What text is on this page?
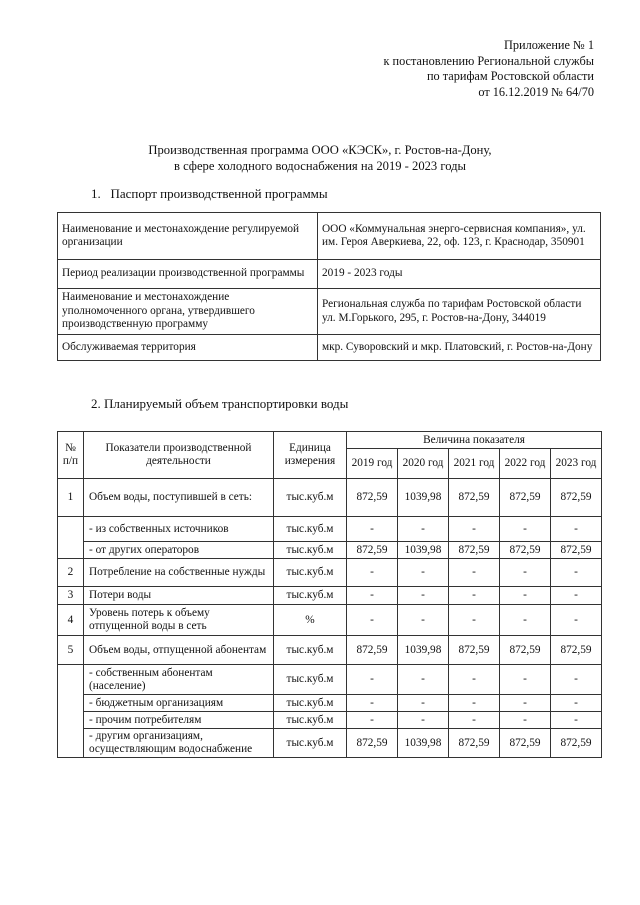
Приложение № 1
к постановлению Региональной службы
по тарифам Ростовской области
от 16.12.2019 № 64/70
Производственная программа ООО «КЭСК», г. Ростов-на-Дону,
в сфере холодного водоснабжения на 2019 - 2023 годы
1.   Паспорт производственной программы
Наименование и местонахождение регулируемой организации	ООО «Коммунальная энерго-сервисная компания», ул. им. Героя Аверкиева, 22, оф. 123, г. Краснодар, 350901
Период реализации производственной программы	2019 - 2023 годы
Наименование и местонахождение уполномоченного органа, утвердившего производственную программу	Региональная служба по тарифам Ростовской области ул. М.Горького, 295, г. Ростов-на-Дону, 344019
Обслуживаемая территория	мкр. Суворовский и мкр. Платовский, г. Ростов-на-Дону
2. Планируемый объем транспортировки воды
№ п/п	Показатели производственной деятельности	Единица измерения	Величина показателя				
			2019 год	2020 год	2021 год	2022 год	2023 год
1	Объем воды, поступившей в сеть:	тыс.куб.м	872,59	1039,98	872,59	872,59	872,59
	- из собственных источников	тыс.куб.м	-	-	-	-	-
	- от других операторов	тыс.куб.м	872,59	1039,98	872,59	872,59	872,59
2	Потребление на собственные нужды	тыс.куб.м	-	-	-	-	-
3	Потери воды	тыс.куб.м	-	-	-	-	-
4	Уровень потерь к объему отпущенной воды в сеть	%	-	-	-	-	-
5	Объем воды, отпущенной абонентам	тыс.куб.м	872,59	1039,98	872,59	872,59	872,59
	- собственным абонентам (население)	тыс.куб.м	-	-	-	-	-
	- бюджетным организациям	тыс.куб.м	-	-	-	-	-
	- прочим потребителям	тыс.куб.м	-	-	-	-	-
	- другим организациям, осуществляющим водоснабжение	тыс.куб.м	872,59	1039,98	872,59	872,59	872,59
